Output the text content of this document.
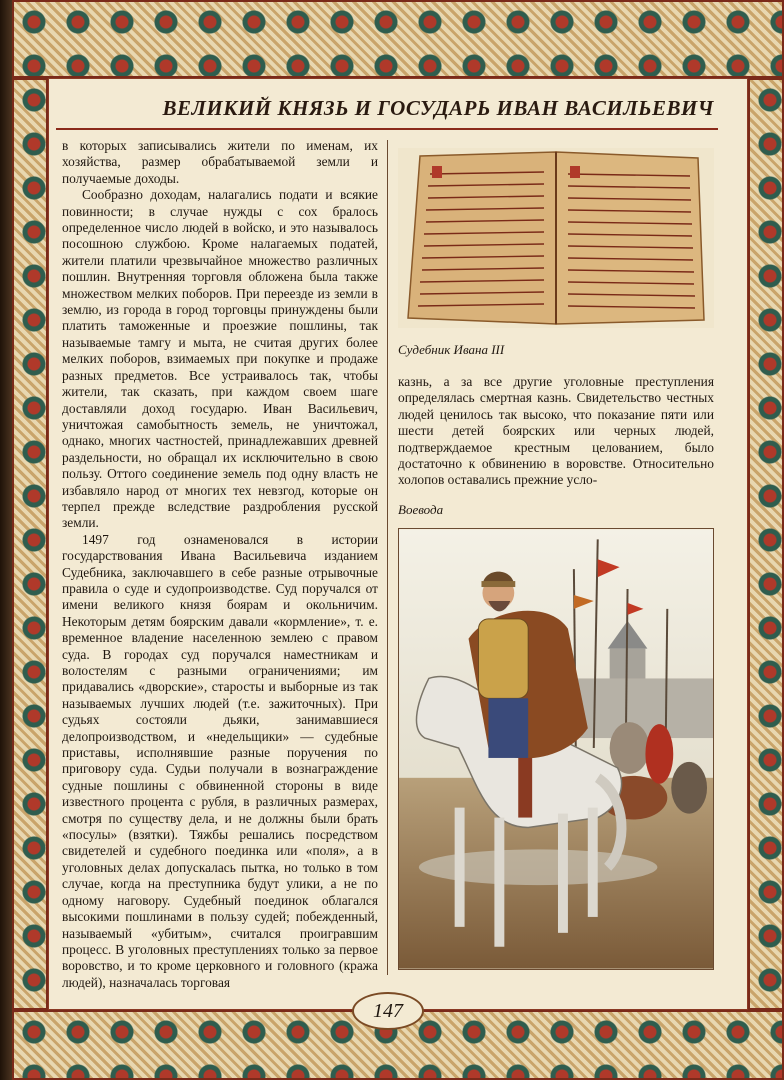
ВЕЛИКИЙ КНЯЗЬ И ГОСУДАРЬ ИВАН ВАСИЛЬЕВИЧ

в которых записывались жители по именам, их хозяйства, размер обрабатываемой земли и получаемые доходы.

Сообразно доходам, налагались подати и всякие повинности; в случае нужды с сох бралось определенное число людей в войско, и это называлось посошною службою. Кроме налагаемых податей, жители платили чрезвычайное множество различных пошлин. Внутренняя торговля обложена была также множеством мелких поборов. При переезде из земли в землю, из города в город торговцы принуждены были платить таможенные и проезжие пошлины, так называемые тамгу и мыта, не считая других более мелких поборов, взимаемых при покупке и продаже разных предметов. Все устраивалось так, чтобы жители, так сказать, при каждом своем шаге доставляли доход государю. Иван Васильевич, уничтожая самобытность земель, не уничтожал, однако, многих частностей, принадлежавших древней раздельности, но обращал их исключительно в свою пользу. Оттого соединение земель под одну власть не избавляло народ от многих тех невзгод, которые он терпел прежде вследствие раздробления русской земли.

1497 год ознаменовался в истории государствования Ивана Васильевича изданием Судебника, заключавшего в себе разные отрывочные правила о суде и судопроизводстве. Суд поручался от имени великого князя боярам и окольничим. Некоторым детям боярским давали «кормление», т. е. временное владение населенною землею с правом суда. В городах суд поручался наместникам и волостелям с разными ограничениями; им придавались «дворские», старосты и выборные из так называемых лучших людей (т.е. зажиточных). При судьях состояли дьяки, занимавшиеся делопроизводством, и «недельщики» — судебные приставы, исполнявшие разные поручения по приговору суда. Судьи получали в вознаграждение судные пошлины с обвиненной стороны в виде известного процента с рубля, в различных размерах, смотря по существу дела, и не должны были брать «посулы» (взятки). Тяжбы решались посредством свидетелей и судебного поединка или «поля», а в уголовных делах допускалась пытка, но только в том случае, когда на преступника будут улики, а не по одному наговору. Судебный поединок облагался высокими пошлинами в пользу судей; побежденный, называемый «убитым», считался проигравшим процесс. В уголовных преступлениях только за первое воровство, и то кроме церковного и головного (кража людей), назначалась торговая

Судебник Ивана III

казнь, а за все другие уголовные преступления определялась смертная казнь. Свидетельство честных людей ценилось так высоко, что показание пяти или шести детей боярских или черных людей, подтверждаемое крестным целованием, было достаточно к обвинению в воровстве. Относительно холопов оставались прежние усло-

Воевода
147
